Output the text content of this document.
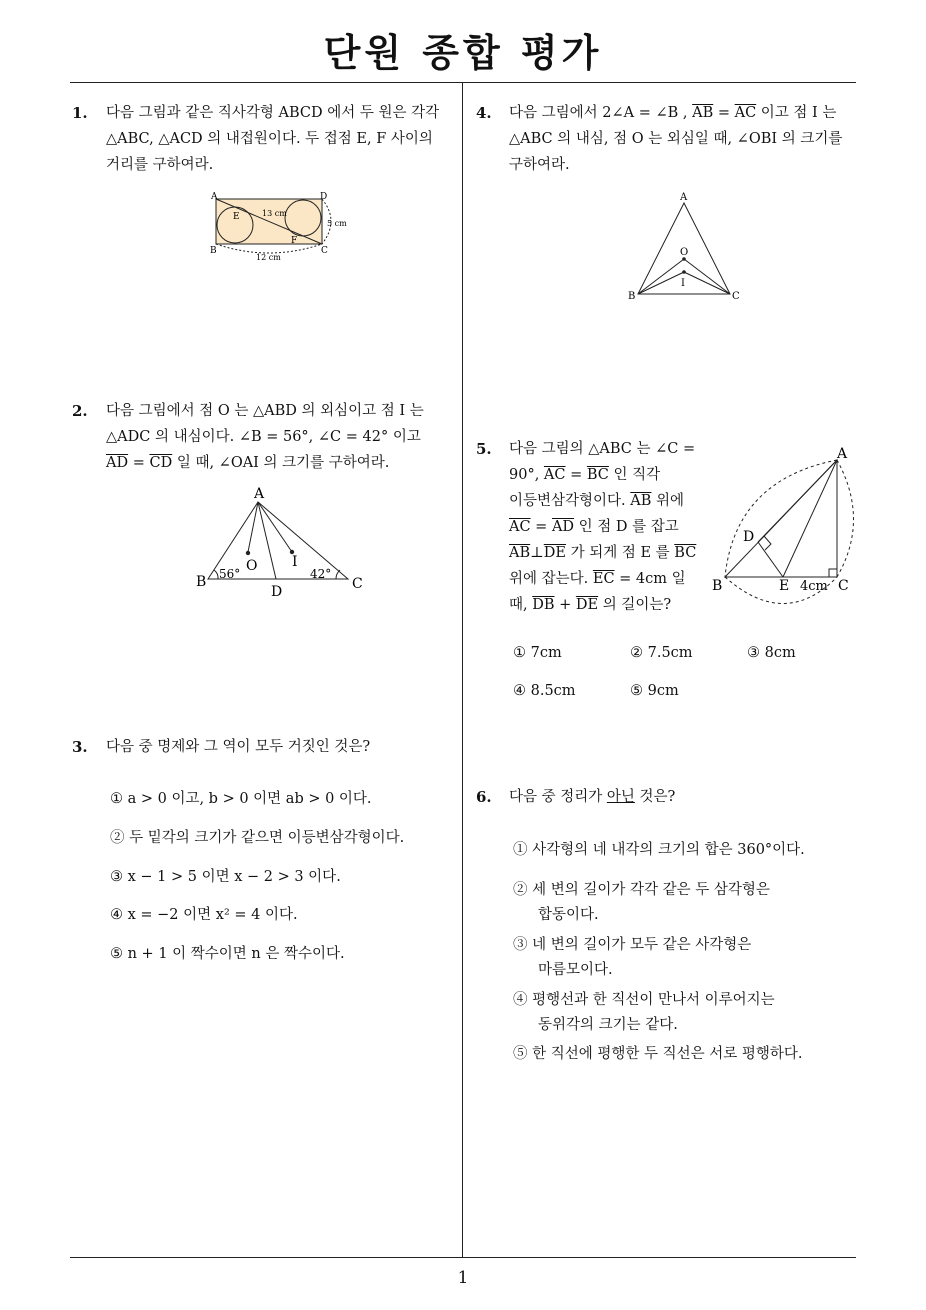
단원 종합 평가
1
1. 다음 그림과 같은 직사각형 ABCD 에서 두 원은 각각
△ABC, △ACD 의 내접원이다. 두 접점 E, F 사이의
거리를 구하여라.
A	D
B	C
E
F
13 cm
5 cm
12 cm
2. 다음 그림에서 점 O 는 △ABD 의 외심이고 점 I 는
△ADC 의 내심이다. ∠B = 56°, ∠C = 42° 이고
$\overline{AD} = \overline{CD}$ 일 때, ∠OAI 의 크기를 구하여라.
A
B	C
D
O I
56°	42°
3. 다음 중 명제와 그 역이 모두 거짓인 것은?
① a > 0 이고, b > 0 이면 ab > 0 이다.
② 두 밑각의 크기가 같으면 이등변삼각형이다.
③ x − 1 > 5 이면 x − 2 > 3 이다.
④ x = −2 이면 x² = 4 이다.
⑤ n + 1 이 짝수이면 n 은 짝수이다.
4. 다음 그림에서 2∠A = ∠B , $\overline{AB} = \overline{AC}$ 이고 점 I 는
△ABC 의 내심, 점 O 는 외심일 때, ∠OBI 의 크기를
구하여라.
A
B	C
O
I
5. 다음 그림의 △ABC 는 ∠C =
90°, $\overline{AC} = \overline{BC}$ 인 직각
이등변삼각형이다. $\overline{AB}$ 위에
$\overline{AC} = \overline{AD}$ 인 점 D 를 잡고
$\overline{AB}\perp\overline{DE}$ 가 되게 점 E 를 $\overline{BC}$
위에 잡는다. $\overline{EC} = 4cm$ 일
때, $\overline{DB} + \overline{DE}$ 의 길이는?
A
B	C
D
E 4cm
① 7cm	② 7.5cm	③ 8cm
④ 8.5cm	⑤ 9cm
6. 다음 중 정리가 아닌 것은?
① 사각형의 네 내각의 크기의 합은 360°이다.
② 세 변의 길이가 각각 같은 두 삼각형은
합동이다.
③ 네 변의 길이가 모두 같은 사각형은
마름모이다.
④ 평행선과 한 직선이 만나서 이루어지는
동위각의 크기는 같다.
⑤ 한 직선에 평행한 두 직선은 서로 평행하다.
